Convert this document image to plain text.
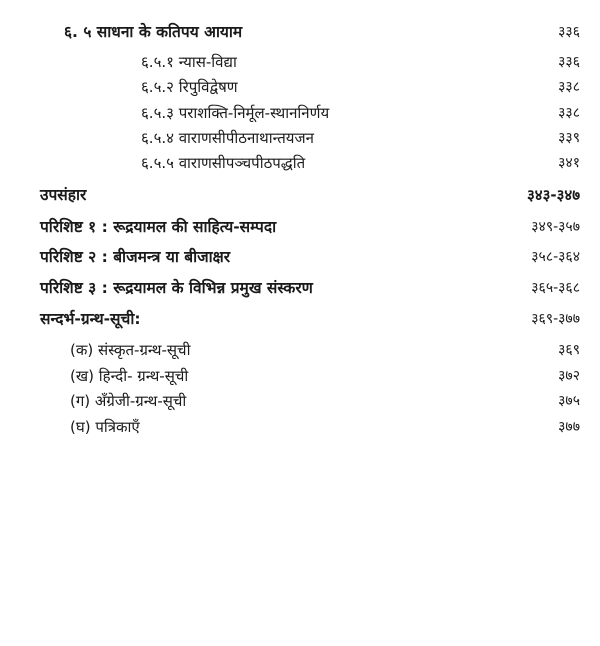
६. ५ साधना के कतिपय आयाम	३३६
६.५.१ न्यास-विद्या	३३६
६.५.२ रिपुविद्वेषण	३३८
६.५.३ पराशक्ति-निर्मूल-स्थाननिर्णय	३३८
६.५.४ वाराणसीपीठनाथान्तयजन	३३९
६.५.५ वाराणसीपञ्चपीठपद्धति	३४१
उपसंहार	३४३-३४७
परिशिष्ट १ : रूद्रयामल की साहित्य-सम्पदा	३४९-३५७
परिशिष्ट २ : बीजमन्त्र या बीजाक्षर	३५८-३६४
परिशिष्ट ३ : रूद्रयामल के विभिन्न प्रमुख संस्करण	३६५-३६८
सन्दर्भ-ग्रन्थ-सूची:	३६९-३७७
(क) संस्कृत-ग्रन्थ-सूची	३६९
(ख) हिन्दी- ग्रन्थ-सूची	३७२
(ग) अँग्रेजी-ग्रन्थ-सूची	३७५
(घ) पत्रिकाएँ	३७७
